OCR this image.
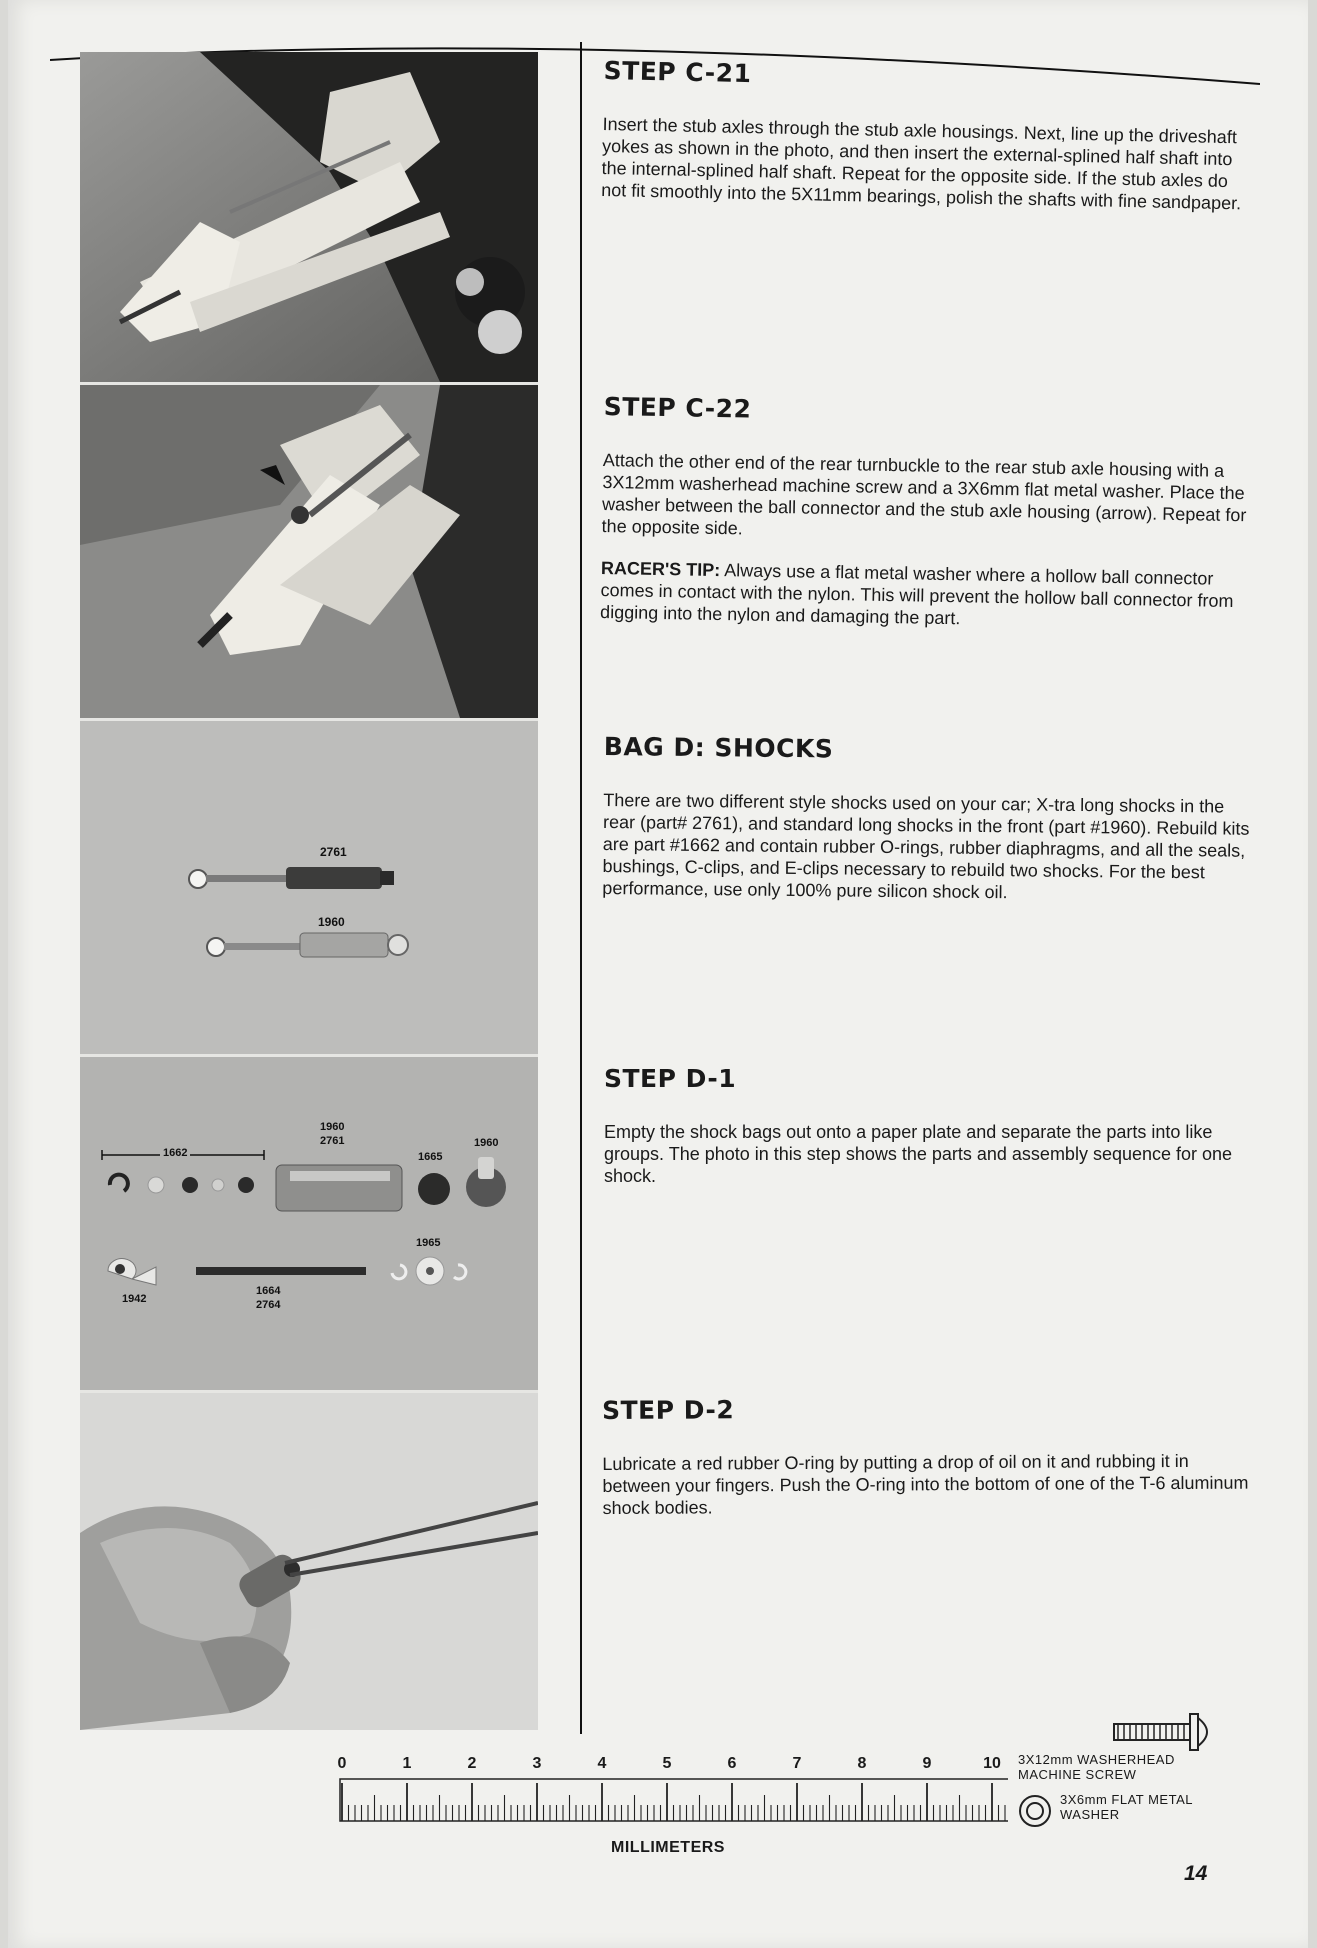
2761
1960
1960
2761	1960
1662	1665
1965
1942
1664
2764
STEP C-21

Insert the stub axles through the stub axle housings. Next, line up the driveshaft yokes as shown in the photo, and then insert the external-splined half shaft into the internal-splined half shaft. Repeat for the opposite side. If the stub axles do not fit smoothly into the 5X11mm bearings, polish the shafts with fine sandpaper.

STEP C-22

Attach the other end of the rear turnbuckle to the rear stub axle housing with a 3X12mm washerhead machine screw and a 3X6mm flat metal washer. Place the washer between the ball connector and the stub axle housing (arrow). Repeat for the opposite side.

RACER'S TIP: Always use a flat metal washer where a hollow ball connector comes in contact with the nylon. This will prevent the hollow ball connector from digging into the nylon and damaging the part.

BAG D: SHOCKS

There are two different style shocks used on your car; X-tra long shocks in the rear (part# 2761), and standard long shocks in the front (part #1960). Rebuild kits are part #1662 and contain rubber O-rings, rubber diaphragms, and all the seals, bushings, C-clips, and E-clips necessary to rebuild two shocks. For the best performance, use only 100% pure silicon shock oil.

STEP D-1

Empty the shock bags out onto a paper plate and separate the parts into like groups. The photo in this step shows the parts and assembly sequence for one shock.

STEP D-2

Lubricate a red rubber O-ring by putting a drop of oil on it and rubbing it in between your fingers. Push the O-ring into the bottom of one of the T-6 aluminum shock bodies.

0	1	2	3	4	5	6	7	8	9	10
MILLIMETERS
3X12mm WASHERHEAD MACHINE SCREW
3X6mm FLAT METAL WASHER
14
